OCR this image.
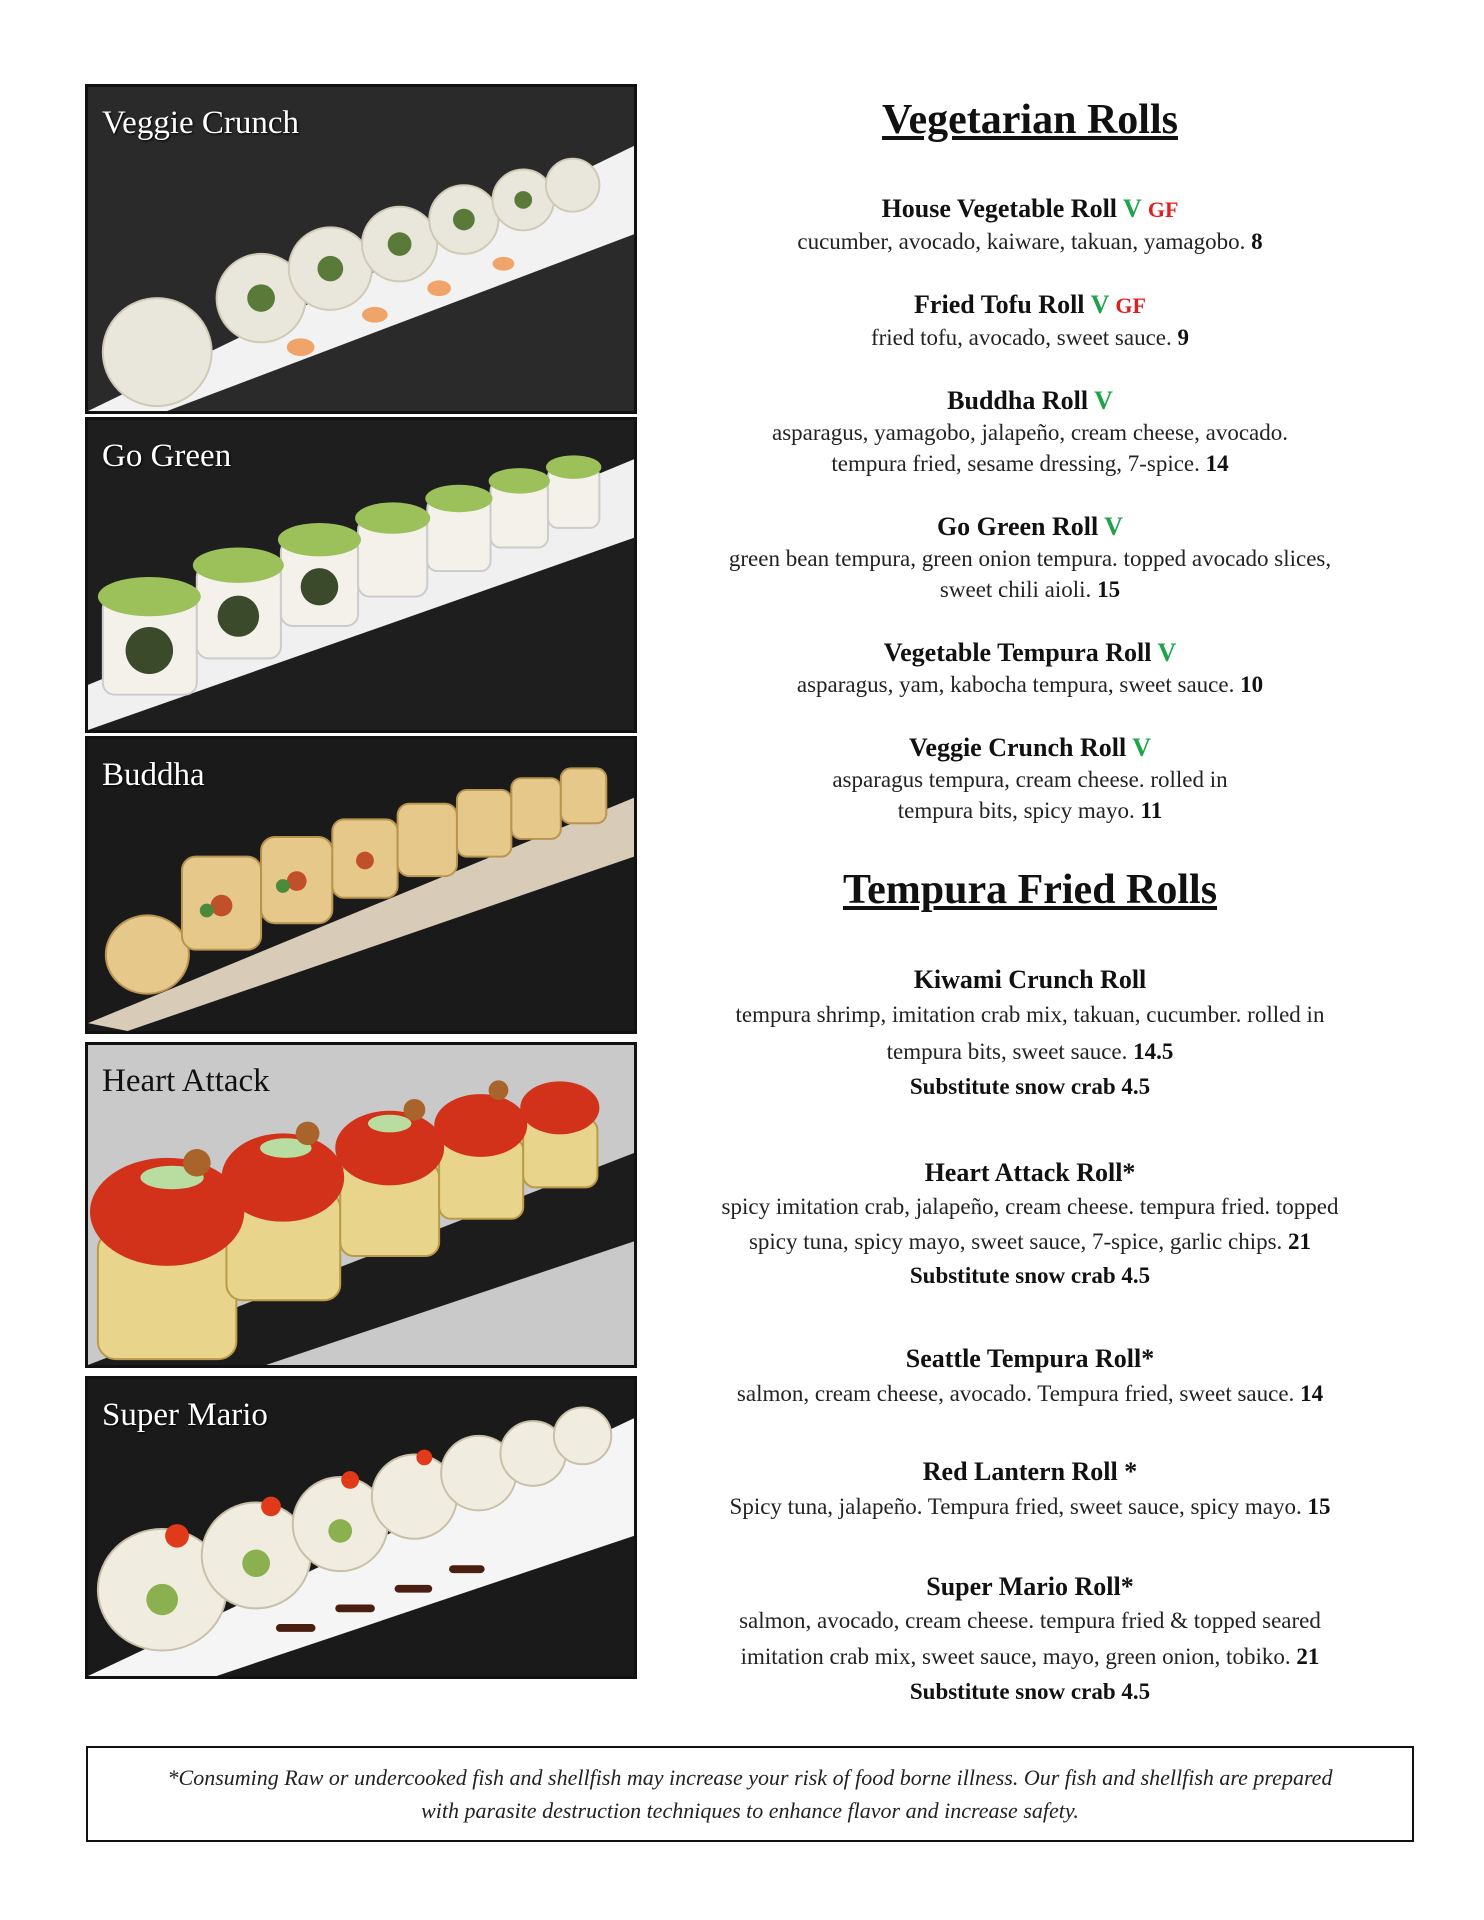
Veggie Crunch
Go Green
Buddha
Heart Attack
Super Mario
Vegetarian Rolls
House Vegetable Roll V GF
cucumber, avocado, kaiware, takuan, yamagobo. 8
Fried Tofu Roll V GF
fried tofu, avocado, sweet sauce. 9
Buddha Roll V
asparagus, yamagobo, jalapeño, cream cheese, avocado.
tempura fried, sesame dressing, 7-spice. 14
Go Green Roll V
green bean tempura, green onion tempura. topped avocado slices,
sweet chili aioli. 15
Vegetable Tempura Roll V
asparagus, yam, kabocha tempura, sweet sauce. 10
Veggie Crunch Roll V
asparagus tempura, cream cheese. rolled in
tempura bits, spicy mayo. 11
Tempura Fried Rolls
Kiwami Crunch Roll
tempura shrimp, imitation crab mix, takuan, cucumber. rolled in
tempura bits, sweet sauce. 14.5
Substitute snow crab 4.5
Heart Attack Roll*
spicy imitation crab, jalapeño, cream cheese. tempura fried. topped
spicy tuna, spicy mayo, sweet sauce, 7-spice, garlic chips. 21
Substitute snow crab 4.5
Seattle Tempura Roll*
salmon, cream cheese, avocado. Tempura fried, sweet sauce. 14
Red Lantern Roll *
Spicy tuna, jalapeño. Tempura fried, sweet sauce, spicy mayo. 15
Super Mario Roll*
salmon, avocado, cream cheese. tempura fried & topped seared
imitation crab mix, sweet sauce, mayo, green onion, tobiko. 21
Substitute snow crab 4.5
*Consuming Raw or undercooked fish and shellfish may increase your risk of food borne illness. Our fish and shellfish are prepared
with parasite destruction techniques to enhance flavor and increase safety.
